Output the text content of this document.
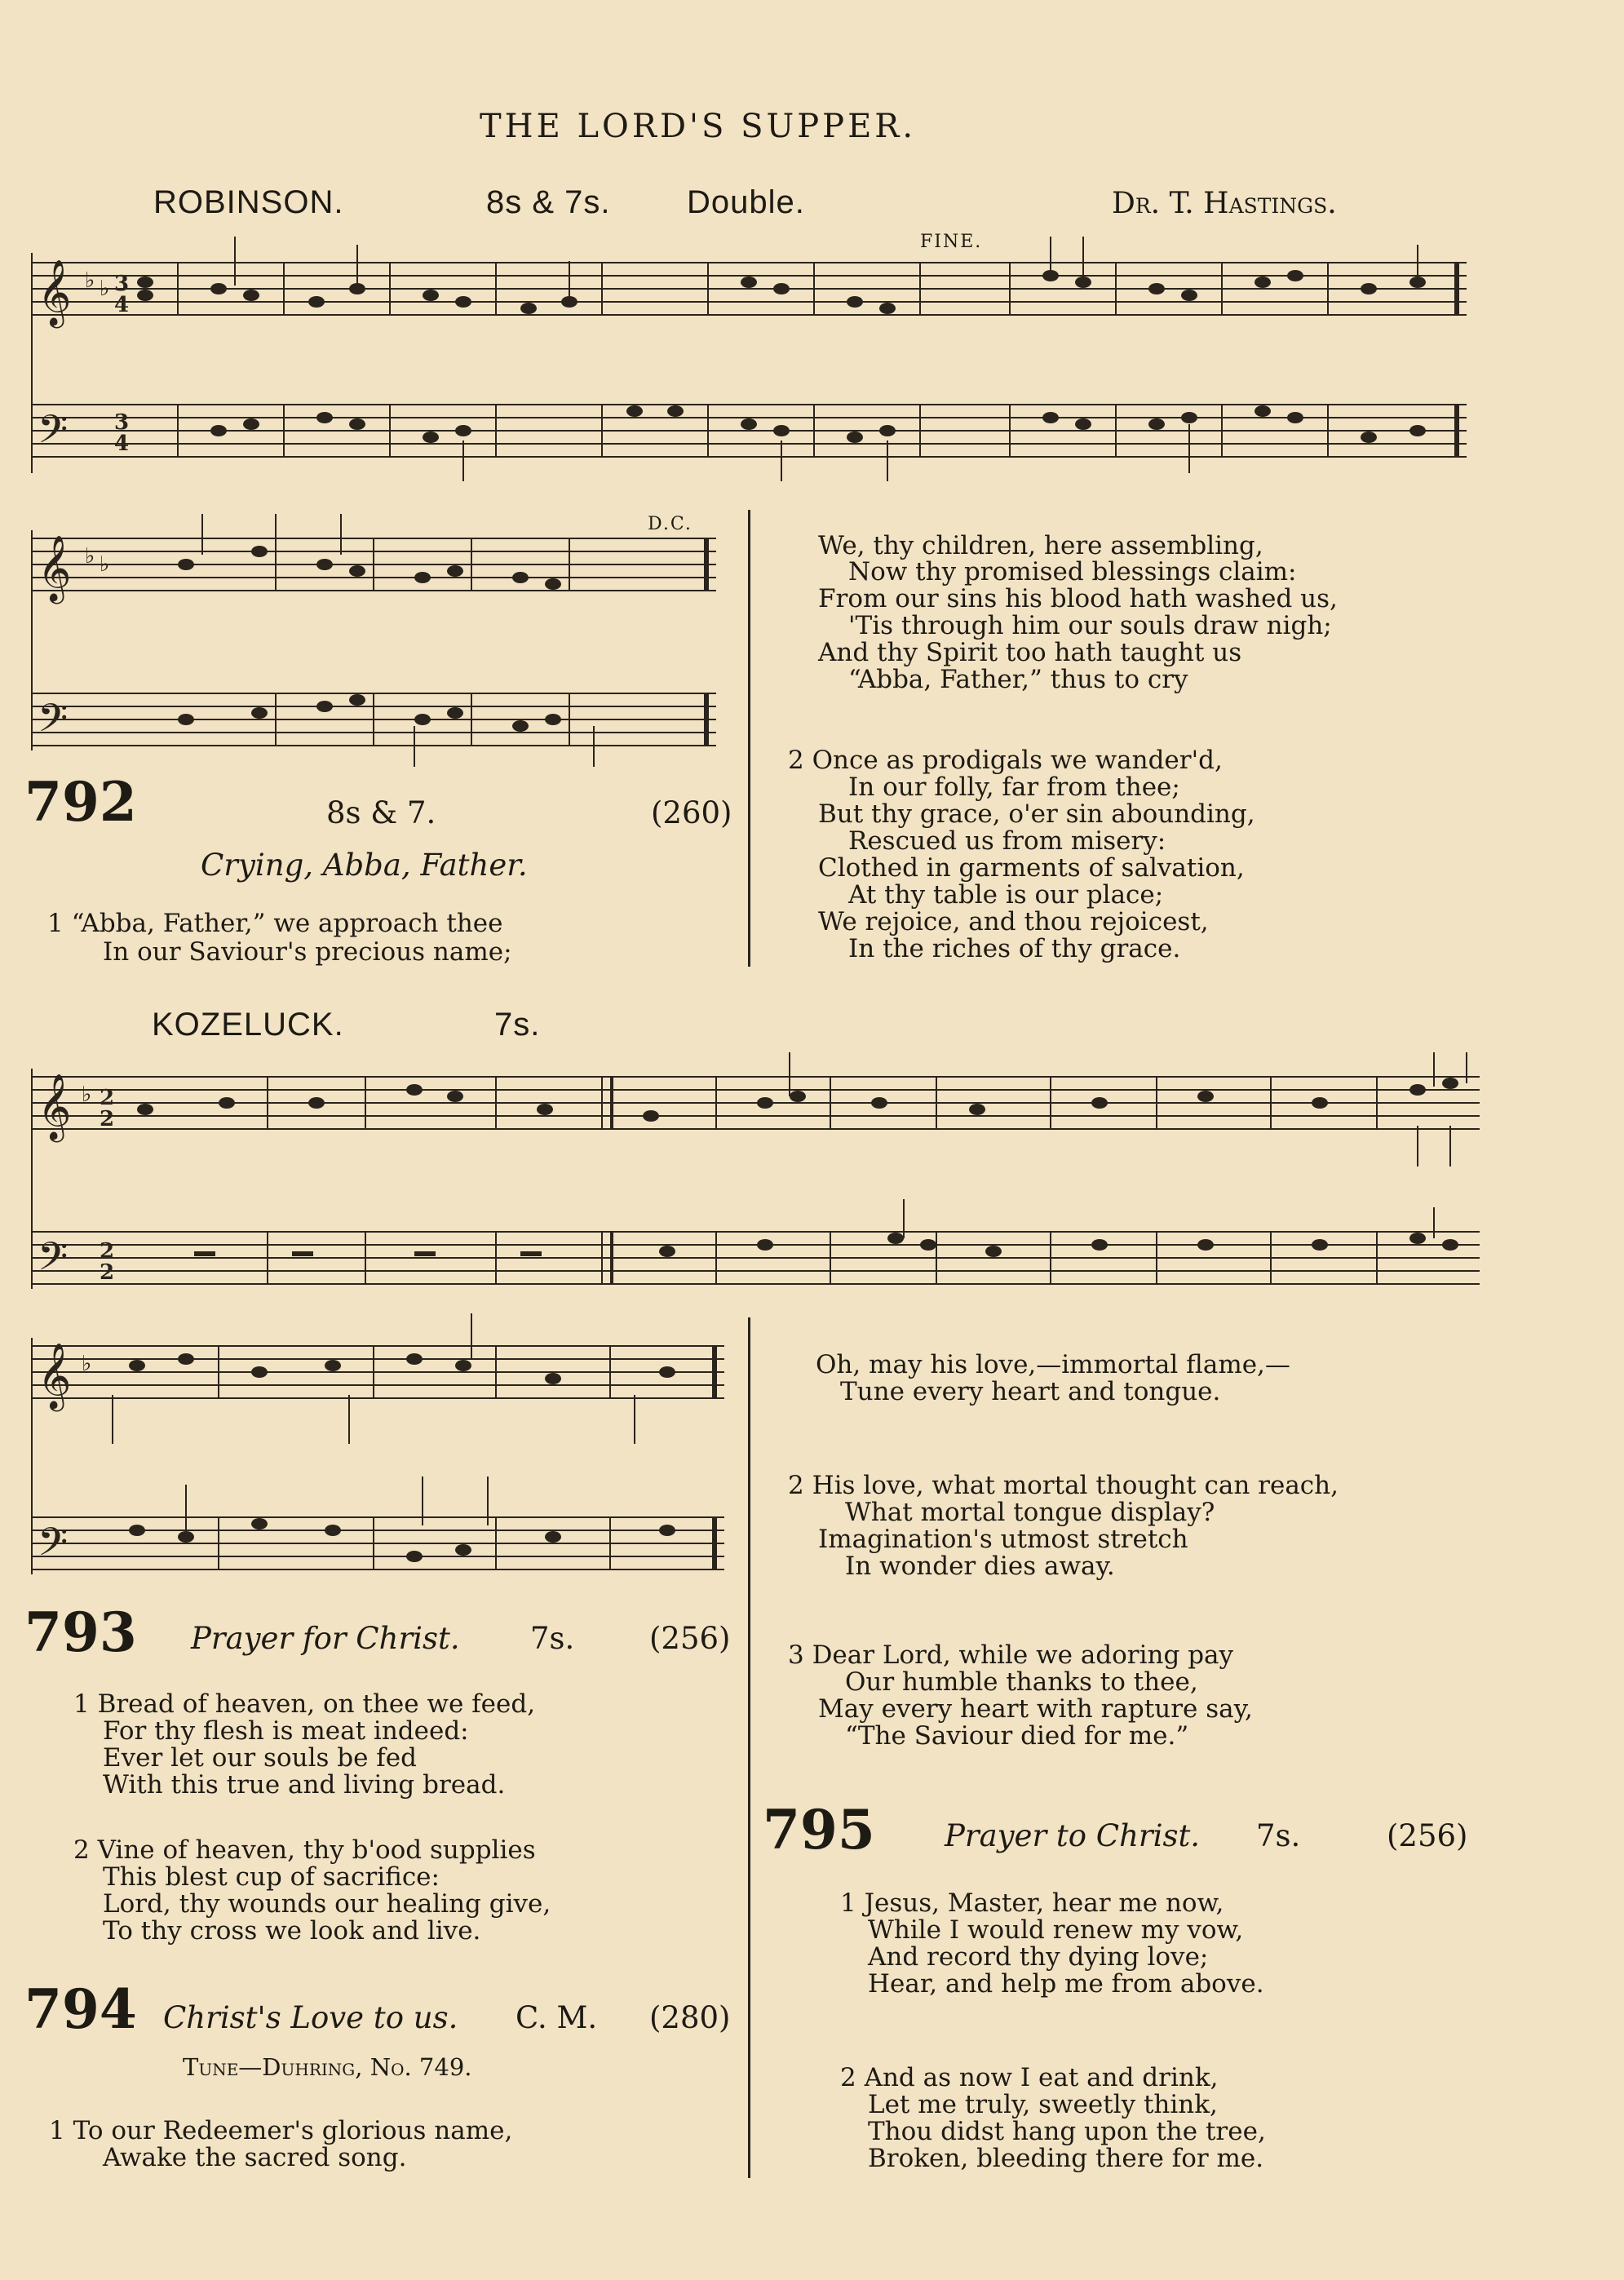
THE LORD'S SUPPER.
ROBINSON.	8s & 7s. Double.	Dr. T. Hastings.
FINE.
D.C.
𝄞
𝄢
♭ ♭ 3
4
3
4
𝄞
𝄢
♭ ♭
792	8s & 7.	(260)
Crying, Abba, Father.
1 “Abba, Father,” we approach thee
In our Saviour's precious name;
We, thy children, here assembling,
Now thy promised blessings claim:
From our sins his blood hath washed us,
'Tis through him our souls draw nigh;
And thy Spirit too hath taught us
“Abba, Father,” thus to cry
2 Once as prodigals we wander'd,
In our folly, far from thee;
But thy grace, o'er sin abounding,
Rescued us from misery:
Clothed in garments of salvation,
At thy table is our place;
We rejoice, and thou rejoicest,
In the riches of thy grace.
KOZELUCK.	7s.
𝄞
𝄢
♭ 2
2
2
2
𝄞
𝄢
♭
793 Prayer for Christ. 7s. (256)
1 Bread of heaven, on thee we feed,
For thy flesh is meat indeed:
Ever let our souls be fed
With this true and living bread.
2 Vine of heaven, thy b'ood supplies
This blest cup of sacrifice:
Lord, thy wounds our healing give,
To thy cross we look and live.
794 Christ's Love to us. C. M. (280)
Tune—Duhring, No. 749.
1 To our Redeemer's glorious name,
Awake the sacred song.
Oh, may his love,—immortal flame,—
Tune every heart and tongue.
2 His love, what mortal thought can reach,
What mortal tongue display?
Imagination's utmost stretch
In wonder dies away.
3 Dear Lord, while we adoring pay
Our humble thanks to thee,
May every heart with rapture say,
“The Saviour died for me.”
795 Prayer to Christ. 7s.	(256)
1 Jesus, Master, hear me now,
While I would renew my vow,
And record thy dying love;
Hear, and help me from above.
2 And as now I eat and drink,
Let me truly, sweetly think,
Thou didst hang upon the tree,
Broken, bleeding there for me.
